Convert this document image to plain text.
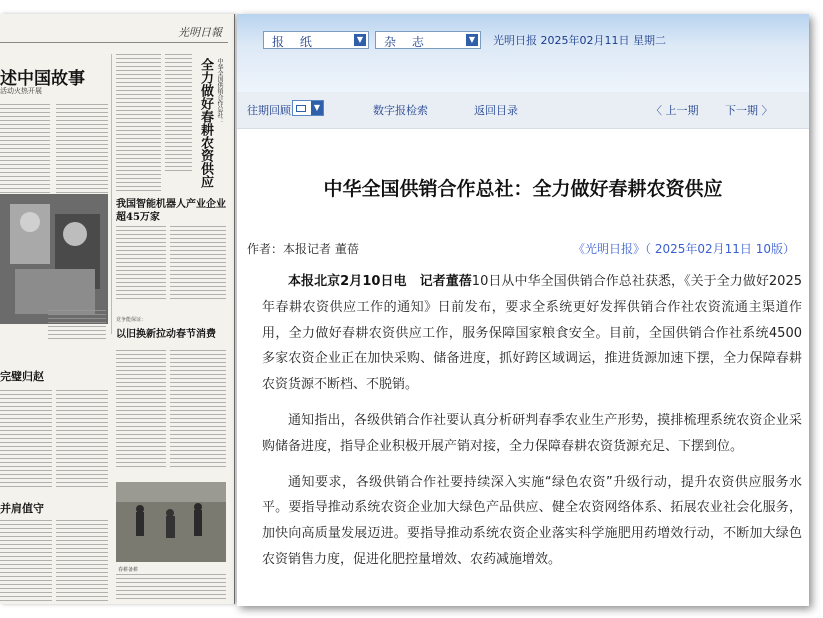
光明日報
述中国故事
活动火热开展	全力做好春耕农资供应 中华全国供销合作总社：
我国智能机器人产业企业超45万家
竞争能保证：
以旧换新拉动春节消费
完璧归赵
并肩值守
春耕备耕
报 纸	▼ 杂 志	▼ 光明日报 2025年02月11日 星期二
往期回顾	▼	数字报检索	返回目录	〈 上一期 下一期 〉
中华全国供销合作总社：全力做好春耕农资供应
作者：本报记者 董蓓	《光明日报》（ 2025年02月11日 10版）

本报北京2月10日电　记者董蓓10日从中华全国供销合作总社获悉，《关于全力做好2025年春耕农资供应工作的通知》日前发布，要求全系统更好发挥供销合作社农资流通主渠道作用，全力做好春耕农资供应工作，服务保障国家粮食安全。目前，全国供销合作社系统4500多家农资企业正在加快采购、储备进度，抓好跨区域调运，推进货源加速下摆，全力保障春耕农资货源不断档、不脱销。

通知指出，各级供销合作社要认真分析研判春季农业生产形势，摸排梳理系统农资企业采购储备进度，指导企业积极开展产销对接，全力保障春耕农资货源充足、下摆到位。

通知要求，各级供销合作社要持续深入实施“绿色农资”升级行动，提升农资供应服务水平。要指导推动系统农资企业加大绿色产品供应、健全农资网络体系、拓展农业社会化服务，加快向高质量发展迈进。要指导推动系统农资企业落实科学施肥用药增效行动，不断加大绿色农资销售力度，促进化肥控量增效、农药减施增效。
